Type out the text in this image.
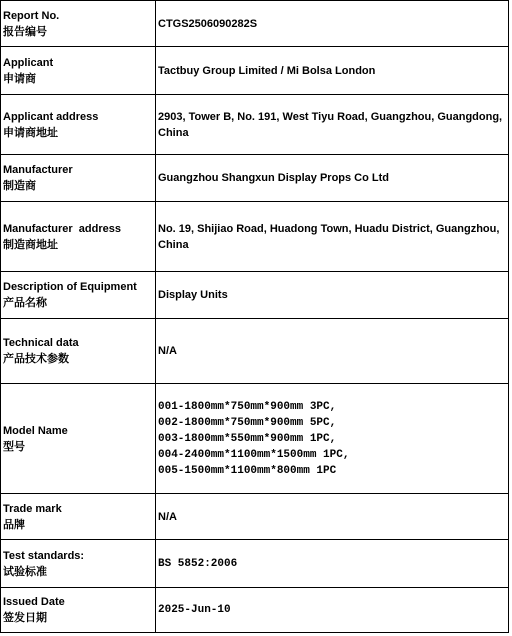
Report No.
报告编号	CTGS2506090282S

Applicant
申请商	Tactbuy Group Limited / Mi Bolsa London

Applicant address
申请商地址	2903, Tower B, No. 191, West Tiyu Road, Guangzhou, Guangdong, China

Manufacturer
制造商	Guangzhou Shangxun Display Props Co Ltd

Manufacturer  address
制造商地址	No. 19, Shijiao Road, Huadong Town, Huadu District, Guangzhou, China

Description of Equipment
产品名称	Display Units

Technical data
产品技术参数	N/A

Model Name
型号	001-1800mm*750mm*900mm 3PC,
002-1800mm*750mm*900mm 5PC,
003-1800mm*550mm*900mm 1PC,
004-2400mm*1100mm*1500mm 1PC,
005-1500mm*1100mm*800mm 1PC

Trade mark
品牌	N/A

Test standards:
试验标准	BS 5852:2006

Issued Date
签发日期	2025-Jun-10
